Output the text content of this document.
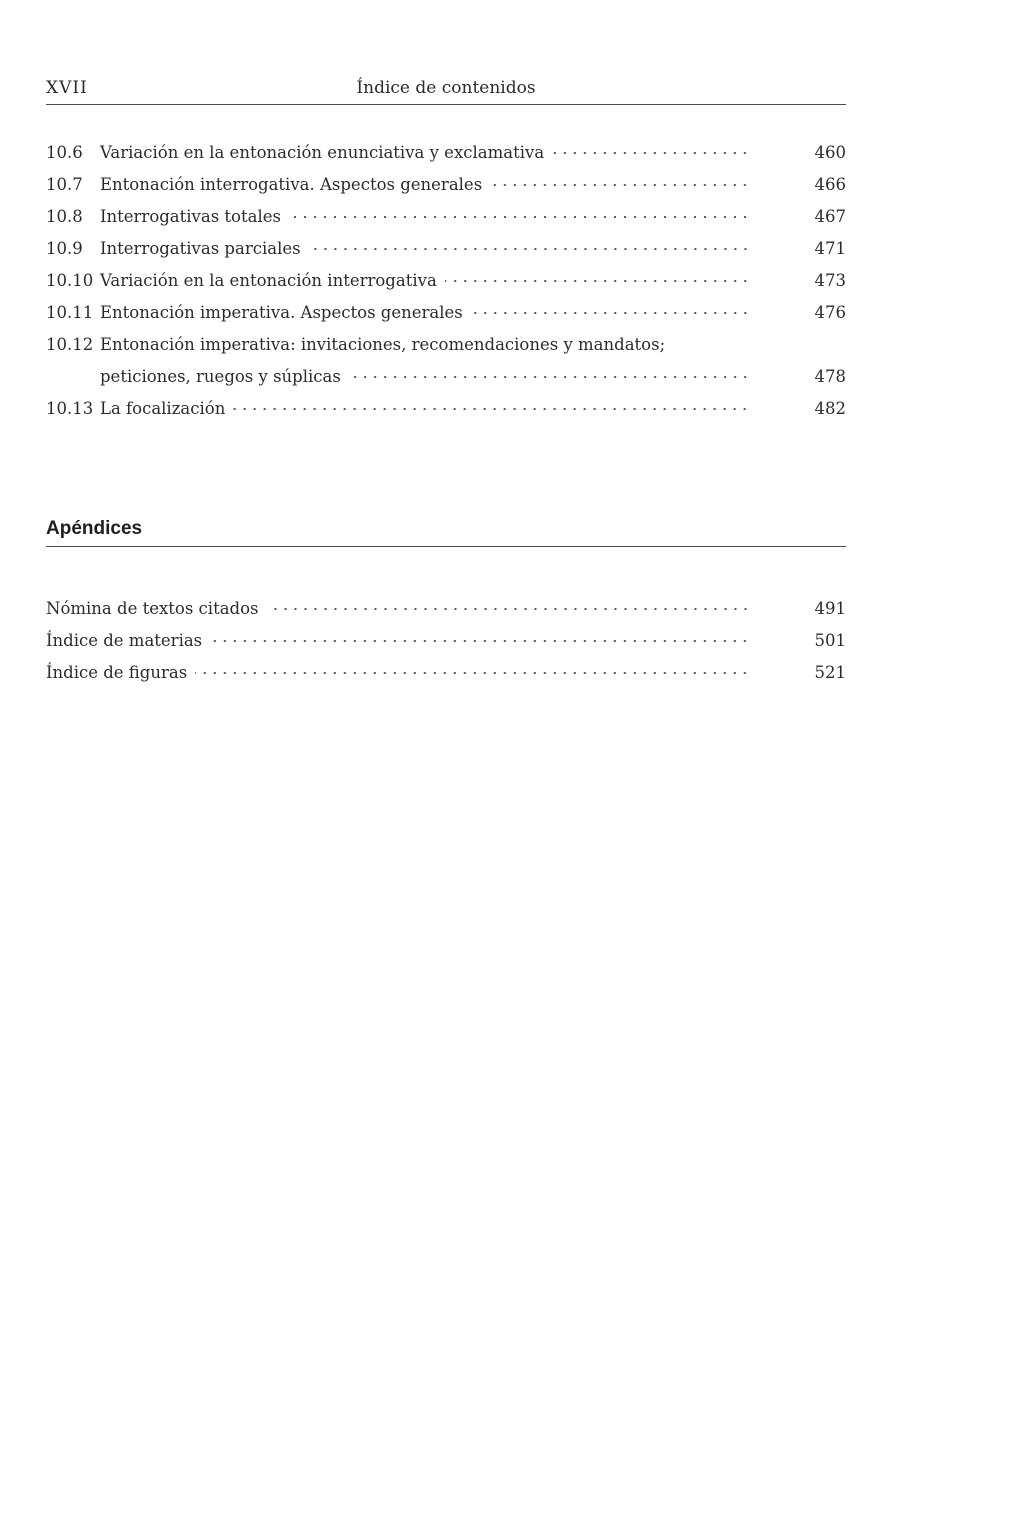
XVII	Índice de contenidos
10.6 Variación en la entonación enunciativa y exclamativa	460
10.7 Entonación interrogativa. Aspectos generales	466
10.8 Interrogativas totales	467
10.9 Interrogativas parciales	471
10.10 Variación en la entonación interrogativa	473
10.11 Entonación imperativa. Aspectos generales	476
10.12 Entonación imperativa: invitaciones, recomendaciones y mandatos;
peticiones, ruegos y súplicas	478
10.13 La focalización	482
Apéndices
Nómina de textos citados	491
Índice de materias	501
Índice de figuras	521
